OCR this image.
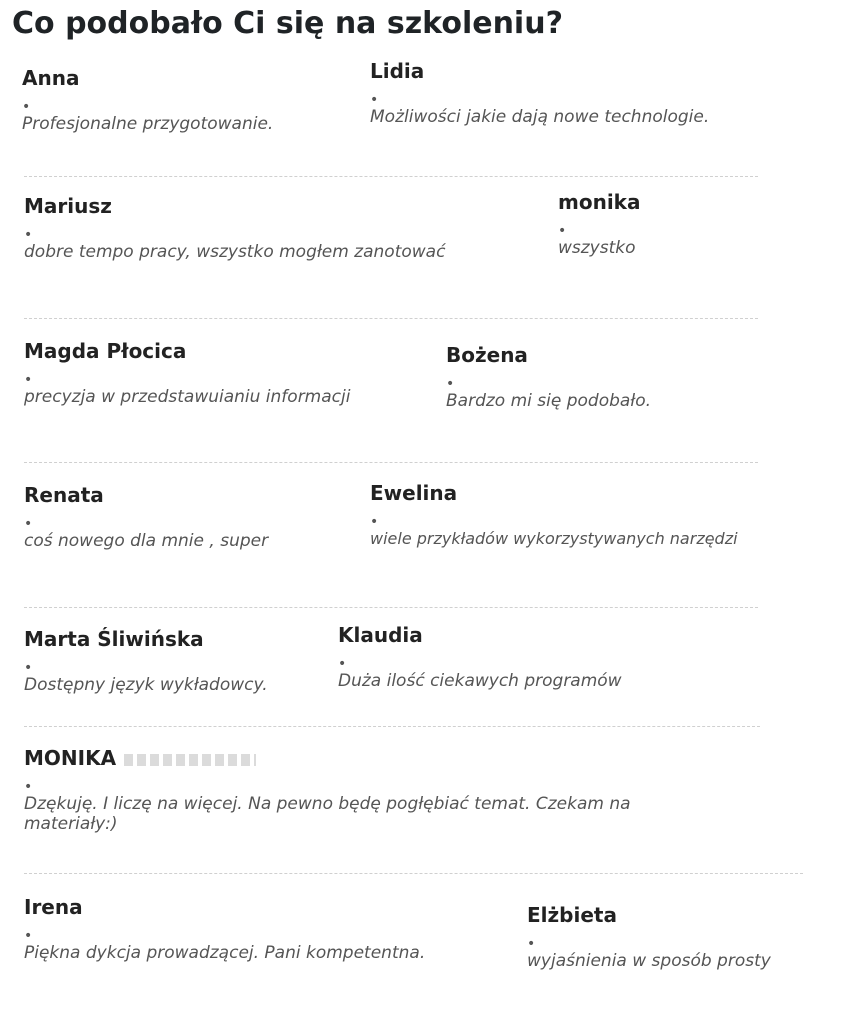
Co podobało Ci się na szkoleniu?
Anna
•
Profesjonalne przygotowanie.
Lidia
•
Możliwości jakie dają nowe technologie.
Mariusz
•
dobre tempo pracy, wszystko mogłem zanotować
monika
•
wszystko
Magda Płocica
•
precyzja w przedstawuianiu informacji
Bożena
•
Bardzo mi się podobało.
Renata
•
coś nowego dla mnie , super
Ewelina
•
wiele przykładów wykorzystywanych narzędzi
Marta Śliwińska
•
Dostępny język wykładowcy.
Klaudia
•
Duża ilość ciekawych programów
MONIKA
•
Dzękuję. I liczę na więcej. Na pewno będę pogłębiać temat. Czekam na materiały:)
Irena
•
Piękna dykcja prowadzącej. Pani kompetentna.
Elżbieta
•
wyjaśnienia w sposób prosty
